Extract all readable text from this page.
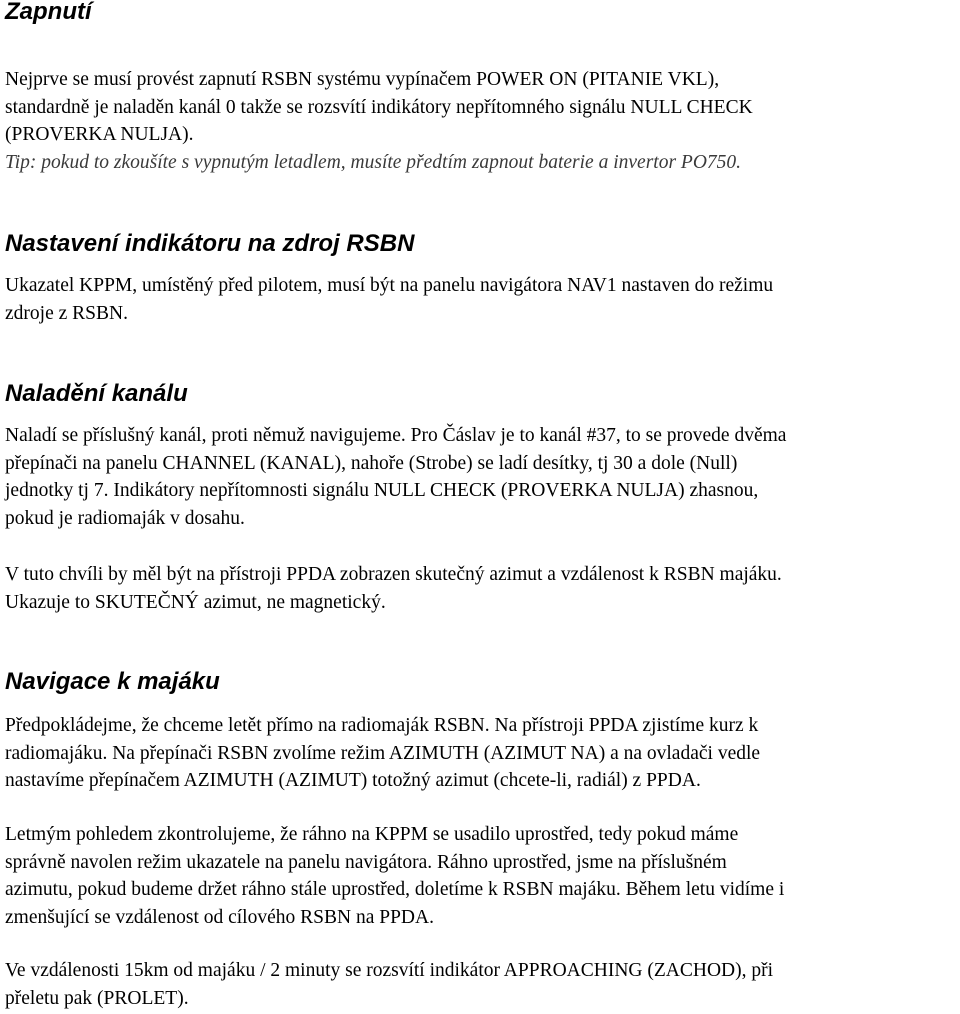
Zapnutí
Nejprve se musí provést zapnutí RSBN systému vypínačem POWER ON (PITANIE VKL),
standardně je naladěn kanál 0 takže se rozsvítí indikátory nepřítomného signálu NULL CHECK
(PROVERKA NULJA).
Tip: pokud to zkoušíte s vypnutým letadlem, musíte předtím zapnout baterie a invertor PO750.
Nastavení indikátoru na zdroj RSBN
Ukazatel KPPM, umístěný před pilotem, musí být na panelu navigátora NAV1 nastaven do režimu
zdroje z RSBN.
Naladění kanálu
Naladí se příslušný kanál, proti němuž navigujeme. Pro Čáslav je to kanál #37, to se provede dvěma
přepínači na panelu CHANNEL (KANAL), nahoře (Strobe) se ladí desítky, tj 30 a dole (Null)
jednotky tj 7. Indikátory nepřítomnosti signálu NULL CHECK (PROVERKA NULJA) zhasnou,
pokud je radiomaják v dosahu.
V tuto chvíli by měl být na přístroji PPDA zobrazen skutečný azimut a vzdálenost k RSBN majáku.
Ukazuje to SKUTEČNÝ azimut, ne magnetický.
Navigace k majáku
Předpokládejme, že chceme letět přímo na radiomaják RSBN. Na přístroji PPDA zjistíme kurz k
radiomajáku. Na přepínači RSBN zvolíme režim AZIMUTH (AZIMUT NA) a na ovladači vedle
nastavíme přepínačem AZIMUTH (AZIMUT) totožný azimut (chcete-li, radiál) z PPDA.
Letmým pohledem zkontrolujeme, že ráhno na KPPM se usadilo uprostřed, tedy pokud máme
správně navolen režim ukazatele na panelu navigátora. Ráhno uprostřed, jsme na příslušném
azimutu, pokud budeme držet ráhno stále uprostřed, doletíme k RSBN majáku. Během letu vidíme i
zmenšující se vzdálenost od cílového RSBN na PPDA.
Ve vzdálenosti 15km od majáku / 2 minuty se rozsvítí indikátor APPROACHING (ZACHOD), při
přeletu pak (PROLET).
